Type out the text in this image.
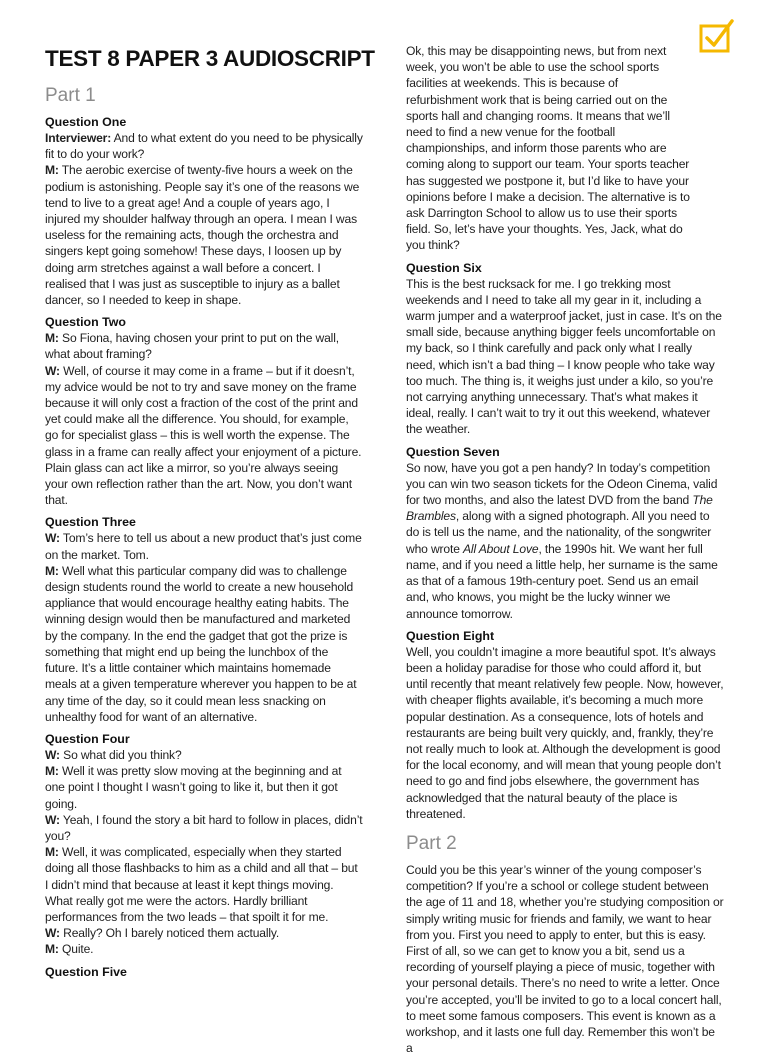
TEST 8 PAPER 3 AUDIOSCRIPT
Part 1
Question One

Interviewer: And to what extent do you need to be physically fit to do your work?

M: The aerobic exercise of twenty-five hours a week on the podium is astonishing. People say it’s one of the reasons we tend to live to a great age! And a couple of years ago, I injured my shoulder halfway through an opera. I mean I was useless for the remaining acts, though the orchestra and singers kept going somehow! These days, I loosen up by doing arm stretches against a wall before a concert. I realised that I was just as susceptible to injury as a ballet dancer, so I needed to keep in shape.

Question Two

M: So Fiona, having chosen your print to put on the wall, what about framing?

W: Well, of course it may come in a frame – but if it doesn’t, my advice would be not to try and save money on the frame because it will only cost a fraction of the cost of the print and yet could make all the difference. You should, for example, go for specialist glass – this is well worth the expense. The glass in a frame can really affect your enjoyment of a picture. Plain glass can act like a mirror, so you’re always seeing your own reflection rather than the art. Now, you don’t want that.

Question Three

W: Tom’s here to tell us about a new product that’s just come on the market. Tom.

M: Well what this particular company did was to challenge design students round the world to create a new household appliance that would encourage healthy eating habits. The winning design would then be manufactured and marketed by the company. In the end the gadget that got the prize is something that might end up being the lunchbox of the future. It’s a little container which maintains homemade meals at a given temperature wherever you happen to be at any time of the day, so it could mean less snacking on unhealthy food for want of an alternative.

Question Four

W: So what did you think?

M: Well it was pretty slow moving at the beginning and at one point I thought I wasn’t going to like it, but then it got going.

W: Yeah, I found the story a bit hard to follow in places, didn’t you?

M: Well, it was complicated, especially when they started doing all those flashbacks to him as a child and all that – but I didn’t mind that because at least it kept things moving. What really got me were the actors. Hardly brilliant performances from the two leads – that spoilt it for me.

W: Really? Oh I barely noticed them actually.

M: Quite.

Question Five

Ok, this may be disappointing news, but from next week, you won’t be able to use the school sports facilities at weekends. This is because of refurbishment work that is being carried out on the sports hall and changing rooms. It means that we’ll need to find a new venue for the football championships, and inform those parents who are coming along to support our team. Your sports teacher has suggested we postpone it, but I’d like to have your opinions before I make a decision. The alternative is to ask Darrington School to allow us to use their sports field. So, let’s have your thoughts. Yes, Jack, what do you think?

Question Six

This is the best rucksack for me. I go trekking most weekends and I need to take all my gear in it, including a warm jumper and a waterproof jacket, just in case. It’s on the small side, because anything bigger feels uncomfortable on my back, so I think carefully and pack only what I really need, which isn’t a bad thing – I know people who take way too much. The thing is, it weighs just under a kilo, so you’re not carrying anything unnecessary. That’s what makes it ideal, really. I can’t wait to try it out this weekend, whatever the weather.

Question Seven

So now, have you got a pen handy? In today’s competition you can win two season tickets for the Odeon Cinema, valid for two months, and also the latest DVD from the band The Brambles, along with a signed photograph. All you need to do is tell us the name, and the nationality, of the songwriter who wrote All About Love, the 1990s hit. We want her full name, and if you need a little help, her surname is the same as that of a famous 19th-century poet. Send us an email and, who knows, you might be the lucky winner we announce tomorrow.

Question Eight

Well, you couldn’t imagine a more beautiful spot. It’s always been a holiday paradise for those who could afford it, but until recently that meant relatively few people. Now, however, with cheaper flights available, it’s becoming a much more popular destination. As a consequence, lots of hotels and restaurants are being built very quickly, and, frankly, they’re not really much to look at. Although the development is good for the local economy, and will mean that young people don’t need to go and find jobs elsewhere, the government has acknowledged that the natural beauty of the place is threatened.

Part 2

Could you be this year’s winner of the young composer’s competition? If you’re a school or college student between the age of 11 and 18, whether you’re studying composition or simply writing music for friends and family, we want to hear from you. First you need to apply to enter, but this is easy. First of all, so we can get to know you a bit, send us a recording of yourself playing a piece of music, together with your personal details. There’s no need to write a letter. Once you’re accepted, you’ll be invited to go to a local concert hall, to meet some famous composers. This event is known as a workshop, and it lasts one full day. Remember this won’t be a
